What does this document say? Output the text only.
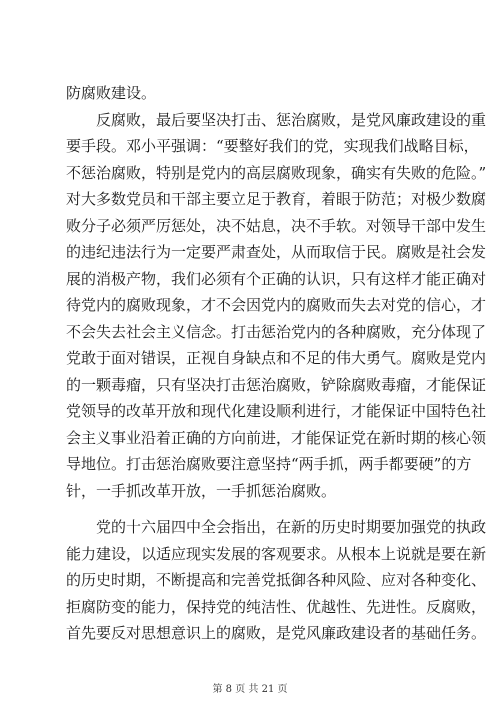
防腐败建设。
反腐败，最后要坚决打击、惩治腐败，是党风廉政建设的重
要手段。邓小平强调：“要整好我们的党，实现我们战略目标，
不惩治腐败，特别是党内的高层腐败现象，确实有失败的危险。”
对大多数党员和干部主要立足于教育，着眼于防范；对极少数腐
败分子必须严厉惩处，决不姑息，决不手软。对领导干部中发生
的违纪违法行为一定要严肃查处，从而取信于民。腐败是社会发
展的消极产物，我们必须有个正确的认识，只有这样才能正确对
待党内的腐败现象，才不会因党内的腐败而失去对党的信心，才
不会失去社会主义信念。打击惩治党内的各种腐败，充分体现了
党敢于面对错误，正视自身缺点和不足的伟大勇气。腐败是党内
的一颗毒瘤，只有坚决打击惩治腐败，铲除腐败毒瘤，才能保证
党领导的改革开放和现代化建设顺利进行，才能保证中国特色社
会主义事业沿着正确的方向前进，才能保证党在新时期的核心领
导地位。打击惩治腐败要注意坚持“两手抓，两手都要硬”的方
针，一手抓改革开放，一手抓惩治腐败。
党的十六届四中全会指出，在新的历史时期要加强党的执政
能力建设，以适应现实发展的客观要求。从根本上说就是要在新
的历史时期，不断提高和完善党抵御各种风险、应对各种变化、
拒腐防变的能力，保持党的纯洁性、优越性、先进性。反腐败，
首先要反对思想意识上的腐败，是党风廉政建设者的基础任务。
第 8 页 共 21 页
